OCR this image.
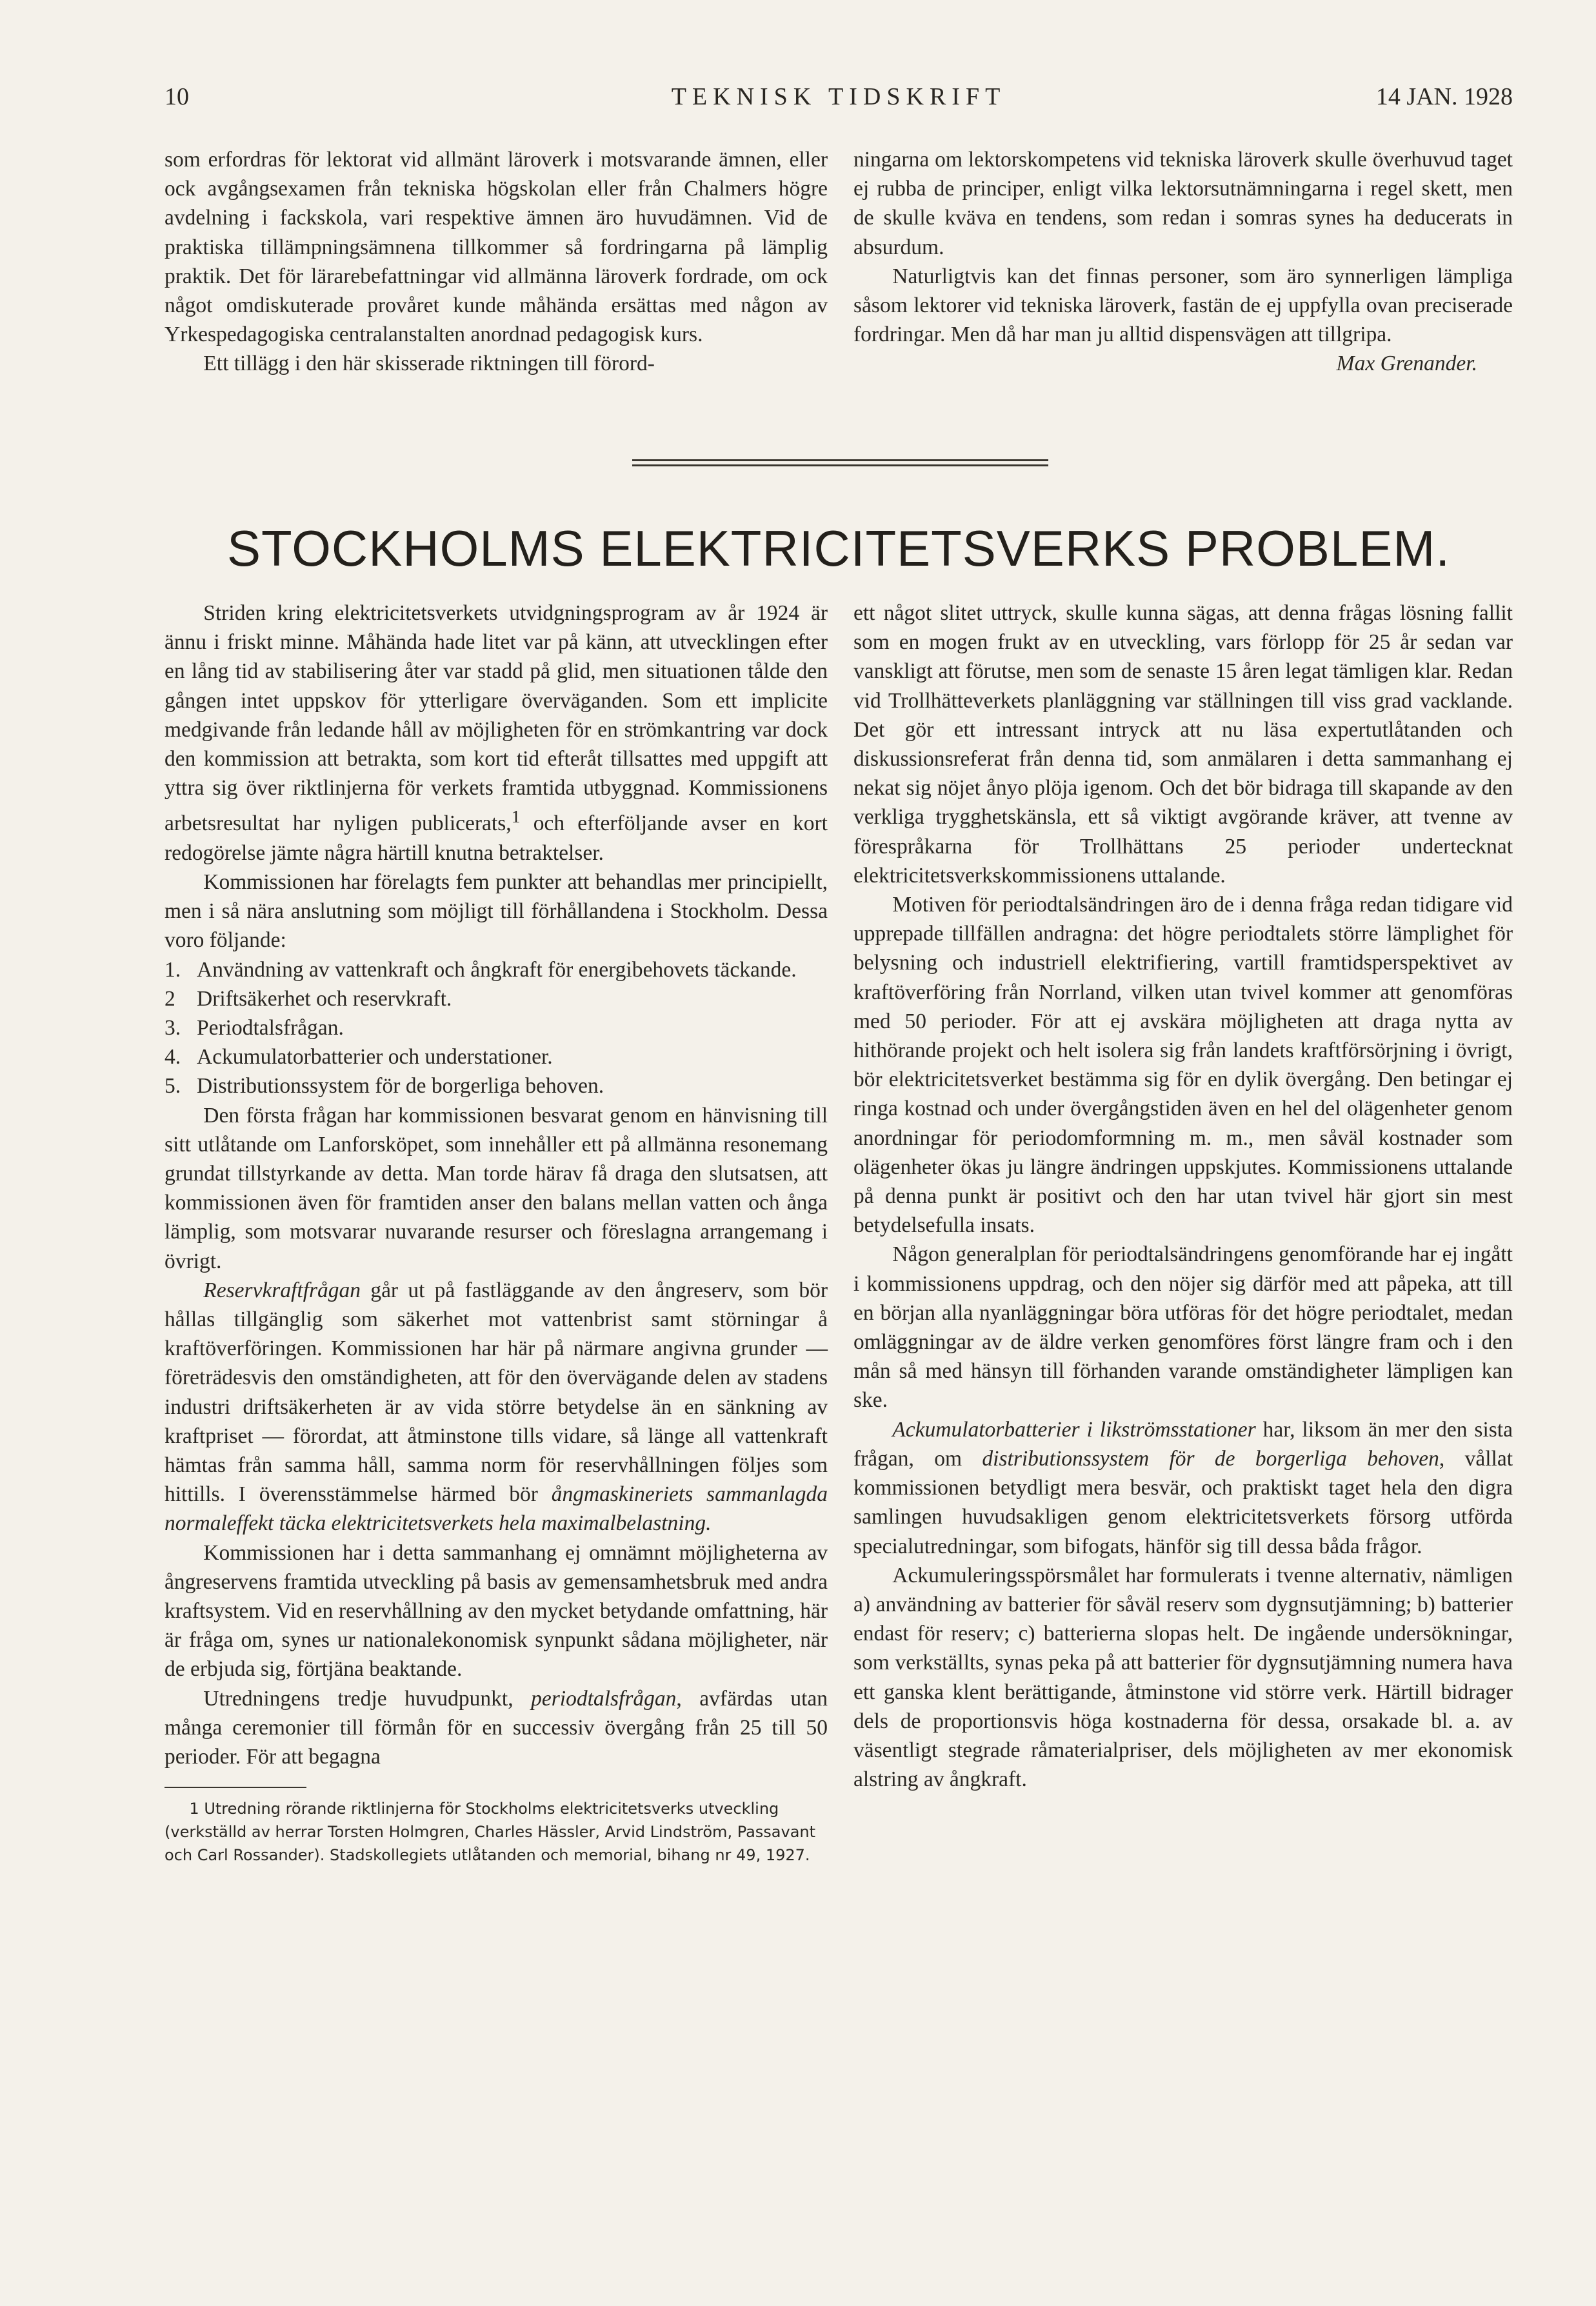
10	TEKNISK TIDSKRIFT	14 JAN. 1928

som erfordras för lektorat vid allmänt läroverk i motsvarande ämnen, eller ock avgångsexamen från tekniska högskolan eller från Chalmers högre avdelning i fackskola, vari respektive ämnen äro huvudämnen. Vid de praktiska tillämpningsämnena tillkommer så fordringarna på lämplig praktik. Det för lärarebefattningar vid allmänna läroverk fordrade, om ock något omdiskuterade provåret kunde måhända ersättas med någon av Yrkespedagogiska centralanstalten anordnad pedagogisk kurs.

Ett tillägg i den här skisserade riktningen till förord-

ningarna om lektorskompetens vid tekniska läroverk skulle överhuvud taget ej rubba de principer, enligt vilka lektorsutnämningarna i regel skett, men de skulle kväva en tendens, som redan i somras synes ha deducerats in absurdum.

Naturligtvis kan det finnas personer, som äro synnerligen lämpliga såsom lektorer vid tekniska läroverk, fastän de ej uppfylla ovan preciserade fordringar. Men då har man ju alltid dispensvägen att tillgripa.

Max Grenander.

STOCKHOLMS ELEKTRICITETSVERKS PROBLEM.

Striden kring elektricitetsverkets utvidgningsprogram av år 1924 är ännu i friskt minne. Måhända hade litet var på känn, att utvecklingen efter en lång tid av stabilisering åter var stadd på glid, men situationen tålde den gången intet uppskov för ytterligare överväganden. Som ett implicite medgivande från ledande håll av möjligheten för en strömkantring var dock den kommission att betrakta, som kort tid efteråt tillsattes med uppgift att yttra sig över riktlinjerna för verkets framtida utbyggnad. Kommissionens arbetsresultat har nyligen publicerats,$^1$ och efterföljande avser en kort redogörelse jämte några härtill knutna betraktelser.

Kommissionen har förelagts fem punkter att behandlas mer principiellt, men i så nära anslutning som möjligt till förhållandena i Stockholm. Dessa voro följande:

1. Användning av vattenkraft och ångkraft för energibehovets täckande.
2 Driftsäkerhet och reservkraft.
3. Periodtalsfrågan.
4. Ackumulatorbatterier och understationer.
5. Distributionssystem för de borgerliga behoven.

Den första frågan har kommissionen besvarat genom en hänvisning till sitt utlåtande om Lanforsköpet, som innehåller ett på allmänna resonemang grundat tillstyrkande av detta. Man torde härav få draga den slutsatsen, att kommissionen även för framtiden anser den balans mellan vatten och ånga lämplig, som motsvarar nuvarande resurser och föreslagna arrangemang i övrigt.

Reservkraftfrågan går ut på fastläggande av den ångreserv, som bör hållas tillgänglig som säkerhet mot vattenbrist samt störningar å kraftöverföringen. Kommissionen har här på närmare angivna grunder — företrädesvis den omständigheten, att för den övervägande delen av stadens industri driftsäkerheten är av vida större betydelse än en sänkning av kraftpriset — förordat, att åtminstone tills vidare, så länge all vattenkraft hämtas från samma håll, samma norm för reservhållningen följes som hittills. I överensstämmelse härmed bör ångmaskineriets sammanlagda normaleffekt täcka elektricitetsverkets hela maximalbelastning.

Kommissionen har i detta sammanhang ej omnämnt möjligheterna av ångreservens framtida utveckling på basis av gemensamhetsbruk med andra kraftsystem. Vid en reservhållning av den mycket betydande omfattning, här är fråga om, synes ur nationalekonomisk synpunkt sådana möjligheter, när de erbjuda sig, förtjäna beaktande.

Utredningens tredje huvudpunkt, periodtalsfrågan, avfärdas utan många ceremonier till förmån för en successiv övergång från 25 till 50 perioder. För att begagna

1 Utredning rörande riktlinjerna för Stockholms elektricitetsverks utveckling (verkställd av herrar Torsten Holmgren, Charles Hässler, Arvid Lindström, Passavant och Carl Rossander). Stadskollegiets utlåtanden och memorial, bihang nr 49, 1927.

ett något slitet uttryck, skulle kunna sägas, att denna frågas lösning fallit som en mogen frukt av en utveckling, vars förlopp för 25 år sedan var vanskligt att förutse, men som de senaste 15 åren legat tämligen klar. Redan vid Trollhätteverkets planläggning var ställningen till viss grad vacklande. Det gör ett intressant intryck att nu läsa expertutlåtanden och diskussionsreferat från denna tid, som anmälaren i detta sammanhang ej nekat sig nöjet ånyo plöja igenom. Och det bör bidraga till skapande av den verkliga trygghetskänsla, ett så viktigt avgörande kräver, att tvenne av förespråkarna för Trollhättans 25 perioder undertecknat elektricitetsverkskommissionens uttalande.

Motiven för periodtalsändringen äro de i denna fråga redan tidigare vid upprepade tillfällen andragna: det högre periodtalets större lämplighet för belysning och industriell elektrifiering, vartill framtidsperspektivet av kraftöverföring från Norrland, vilken utan tvivel kommer att genomföras med 50 perioder. För att ej avskära möjligheten att draga nytta av hithörande projekt och helt isolera sig från landets kraftförsörjning i övrigt, bör elektricitetsverket bestämma sig för en dylik övergång. Den betingar ej ringa kostnad och under övergångstiden även en hel del olägenheter genom anordningar för periodomformning m. m., men såväl kostnader som olägenheter ökas ju längre ändringen uppskjutes. Kommissionens uttalande på denna punkt är positivt och den har utan tvivel här gjort sin mest betydelsefulla insats.

Någon generalplan för periodtalsändringens genomförande har ej ingått i kommissionens uppdrag, och den nöjer sig därför med att påpeka, att till en början alla nyanläggningar böra utföras för det högre periodtalet, medan omläggningar av de äldre verken genomföres först längre fram och i den mån så med hänsyn till förhanden varande omständigheter lämpligen kan ske.

Ackumulatorbatterier i likströmsstationer har, liksom än mer den sista frågan, om distributionssystem för de borgerliga behoven, vållat kommissionen betydligt mera besvär, och praktiskt taget hela den digra samlingen huvudsakligen genom elektricitetsverkets försorg utförda specialutredningar, som bifogats, hänför sig till dessa båda frågor.

Ackumuleringsspörsmålet har formulerats i tvenne alternativ, nämligen a) användning av batterier för såväl reserv som dygnsutjämning; b) batterier endast för reserv; c) batterierna slopas helt. De ingående undersökningar, som verkställts, synas peka på att batterier för dygnsutjämning numera hava ett ganska klent berättigande, åtminstone vid större verk. Härtill bidrager dels de proportionsvis höga kostnaderna för dessa, orsakade bl. a. av väsentligt stegrade råmaterialpriser, dels möjligheten av mer ekonomisk alstring av ångkraft.
